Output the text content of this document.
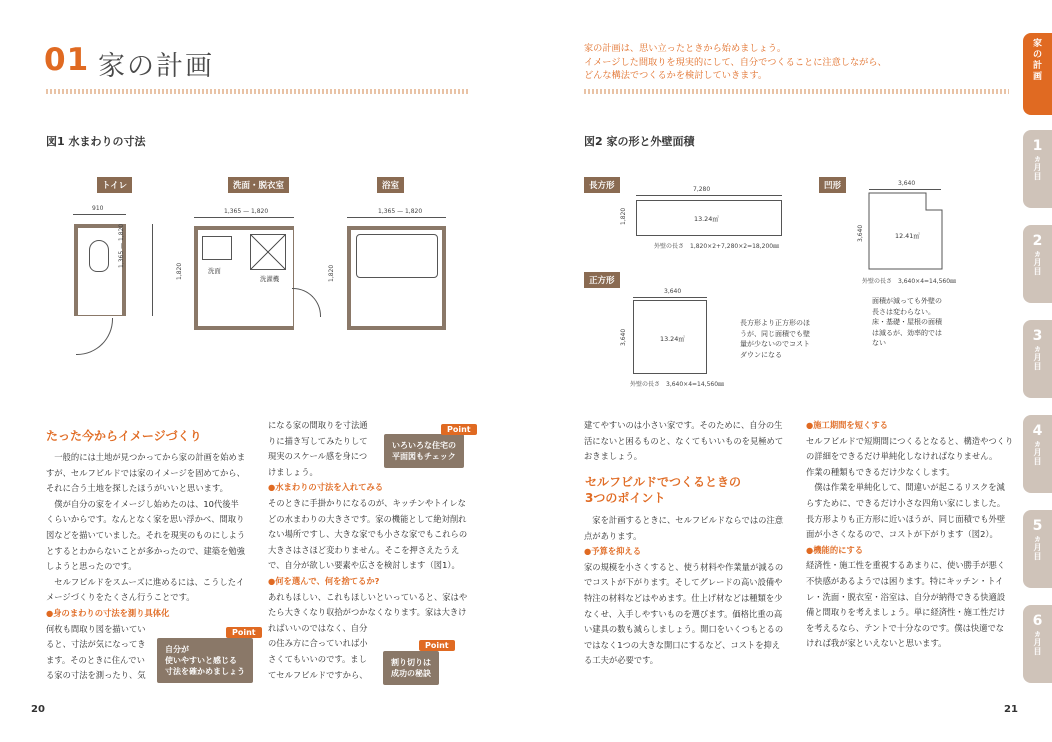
01 家の計画
家の計画は、思い立ったときから始めましょう。
イメージした間取りを現実的にして、自分でつくることに注意しながら、
どんな構法でつくるかを検討していきます。
図1 水まわりの寸法
トイレ	洗面・脱衣室	浴室
910
1,365 — 1,820
1,365 — 1,820
1,820	洗面
洗濯機
1,365 — 1,820
1,820
図2 家の形と外壁面積
長方形	7,280
1,820	13.24㎡
外壁の長さ　1,820×2+7,280×2=18,200㎜
凹形	3,640
3,640	12.41㎡
外壁の長さ　3,640×4=14,560㎜
面積が減っても外壁の
長さは変わらない。
床・基礎・屋根の面積
は減るが、効率的では
ない
正方形
3,640
3,640	13.24㎡
外壁の長さ　3,640×4=14,560㎜
長方形より正方形のほ
うが、同じ面積でも壁
量が少ないのでコスト
ダウンになる
たった今からイメージづくり
　一般的には土地が見つかってから家の計画を始めま
すが、セルフビルドでは家のイメージを固めてから、
それに合う土地を探したほうがいいと思います。
　僕が自分の家をイメージし始めたのは、10代後半
くらいからです。なんとなく家を思い浮かべ、間取り
図などを描いていました。それを現実のものにしよう
とするとわからないことが多かったので、建築を勉強
しようと思ったのです。
　セルフビルドをスムーズに進めるには、こうしたイ
メージづくりをたくさん行うことです。
●身のまわりの寸法を測り具体化
何枚も間取り図を描いてい
ると、寸法が気になってき
ます。そのときに住んでい
る家の寸法を測ったり、気
になる家の間取りを寸法通
りに描き写してみたりして
現実のスケール感を身につ
けましょう。
●水まわりの寸法を入れてみる
そのときに手掛かりになるのが、キッチンやトイレな
どの水まわりの大きさです。家の機能として絶対削れ
ない場所ですし、大きな家でも小さな家でもこれらの
大きさはさほど変わりません。そこを押さえたうえ
で、自分が欲しい要素や広さを検討します（図1）。
●何を選んで、何を捨てるか?
あれもほしい、これもほしいといっていると、家はや
たら大きくなり収拾がつかなくなります。家は大きけ
ればいいのではなく、自分
の住み方に合っていれば小
さくてもいいのです。まし
てセルフビルドですから、
いろいろな住宅の
平面図もチェック
Point
自分が
使いやすいと感じる
寸法を確かめましょう
Point
割り切りは
成功の秘訣
Point
建てやすいのは小さい家です。そのために、自分の生
活にないと困るものと、なくてもいいものを見極めて
おきましょう。
セルフビルドでつくるときの
3つのポイント
　家を計画するときに、セルフビルドならではの注意
点があります。
●予算を抑える
家の規模を小さくすると、使う材料や作業量が減るの
でコストが下がります。そしてグレードの高い設備や
特注の材料などはやめます。仕上げ材などは種類を少
なくせ、入手しやすいものを選びます。価格比重の高
い建具の数も減らしましょう。開口をいくつもとるの
ではなく1つの大きな開口にするなど、コストを抑え
る工夫が必要です。
●施工期間を短くする
セルフビルドで短期間につくるとなると、構造やつくり
の詳細をできるだけ単純化しなければなりません。
作業の種類もできるだけ少なくします。
　僕は作業を単純化して、間違いが起こるリスクを減
らすために、できるだけ小さな四角い家にしました。
長方形よりも正方形に近いほうが、同じ面積でも外壁
面が小さくなるので、コストが下がります（図2）。
●機能的にする
経済性・施工性を重視するあまりに、使い勝手が悪く
不快感があるようでは困ります。特にキッチン・トイ
レ・洗面・脱衣室・浴室は、自分が納得できる快適設
備と間取りを考えましょう。単に経済性・施工性だけ
を考えるなら、テントで十分なのです。僕は快適でな
ければ我が家といえないと思います。
20	21
家の計画
1
ヵ月目
2
ヵ月目
3
ヵ月目
4
ヵ月目
5
ヵ月目
6
ヵ月目
